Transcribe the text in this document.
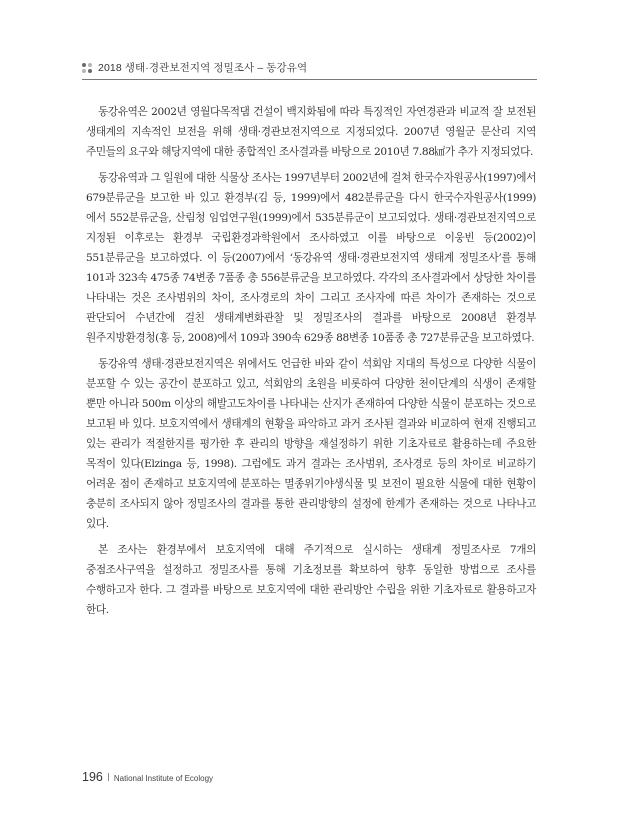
2018 생태·경관보전지역 정밀조사 – 동강유역

동강유역은 2002년 영월다목적댐 건설이 백지화됨에 따라 특징적인 자연경관과 비교적 잘 보전된 생태계의 지속적인 보전을 위해 생태·경관보전지역으로 지정되었다. 2007년 영월군 문산리 지역 주민들의 요구와 해당지역에 대한 종합적인 조사결과를 바탕으로 2010년 7.88㎢가 추가 지정되었다.

동강유역과 그 일원에 대한 식물상 조사는 1997년부터 2002년에 걸쳐 한국수자원공사(1997)에서 679분류군을 보고한 바 있고 환경부(김 등, 1999)에서 482분류군을 다시 한국수자원공사(1999)에서 552분류군을, 산림청 임업연구원(1999)에서 535분류군이 보고되었다. 생태·경관보전지역으로 지정된 이후로는 환경부 국립환경과학원에서 조사하였고 이를 바탕으로 이웅빈 등(2002)이 551분류군을 보고하였다. 이 등(2007)에서 ‘동강유역 생태·경관보전지역 생태계 정밀조사’를 통해 101과 323속 475종 74변종 7품종 총 556분류군을 보고하였다. 각각의 조사결과에서 상당한 차이를 나타내는 것은 조사범위의 차이, 조사경로의 차이 그리고 조사자에 따른 차이가 존재하는 것으로 판단되어 수년간에 걸친 생태계변화관찰 및 정밀조사의 결과를 바탕으로 2008년 환경부 원주지방환경청(홍 등, 2008)에서 109과 390속 629종 88변종 10품종 총 727분류군을 보고하였다.

동강유역 생태·경관보전지역은 위에서도 언급한 바와 같이 석회암 지대의 특성으로 다양한 식물이 분포할 수 있는 공간이 분포하고 있고, 석회암의 초원을 비롯하여 다양한 천이단계의 식생이 존재할 뿐만 아니라 500m 이상의 해발고도차이를 나타내는 산지가 존재하여 다양한 식물이 분포하는 것으로 보고된 바 있다. 보호지역에서 생태계의 현황을 파악하고 과거 조사된 결과와 비교하여 현재 진행되고 있는 관리가 적절한지를 평가한 후 관리의 방향을 재설정하기 위한 기초자료로 활용하는데 주요한 목적이 있다(Elzinga 등, 1998). 그럼에도 과거 결과는 조사범위, 조사경로 등의 차이로 비교하기 어려운 점이 존재하고 보호지역에 분포하는 멸종위기야생식물 및 보전이 필요한 식물에 대한 현황이 충분히 조사되지 않아 정밀조사의 결과를 통한 관리방향의 설정에 한계가 존재하는 것으로 나타나고 있다.

본 조사는 환경부에서 보호지역에 대해 주기적으로 실시하는 생태계 정밀조사로 7개의 중점조사구역을 설정하고 정밀조사를 통해 기초정보를 확보하여 향후 동일한 방법으로 조사를 수행하고자 한다. 그 결과를 바탕으로 보호지역에 대한 관리방안 수립을 위한 기초자료로 활용하고자 한다.

196 National Institute of Ecology
